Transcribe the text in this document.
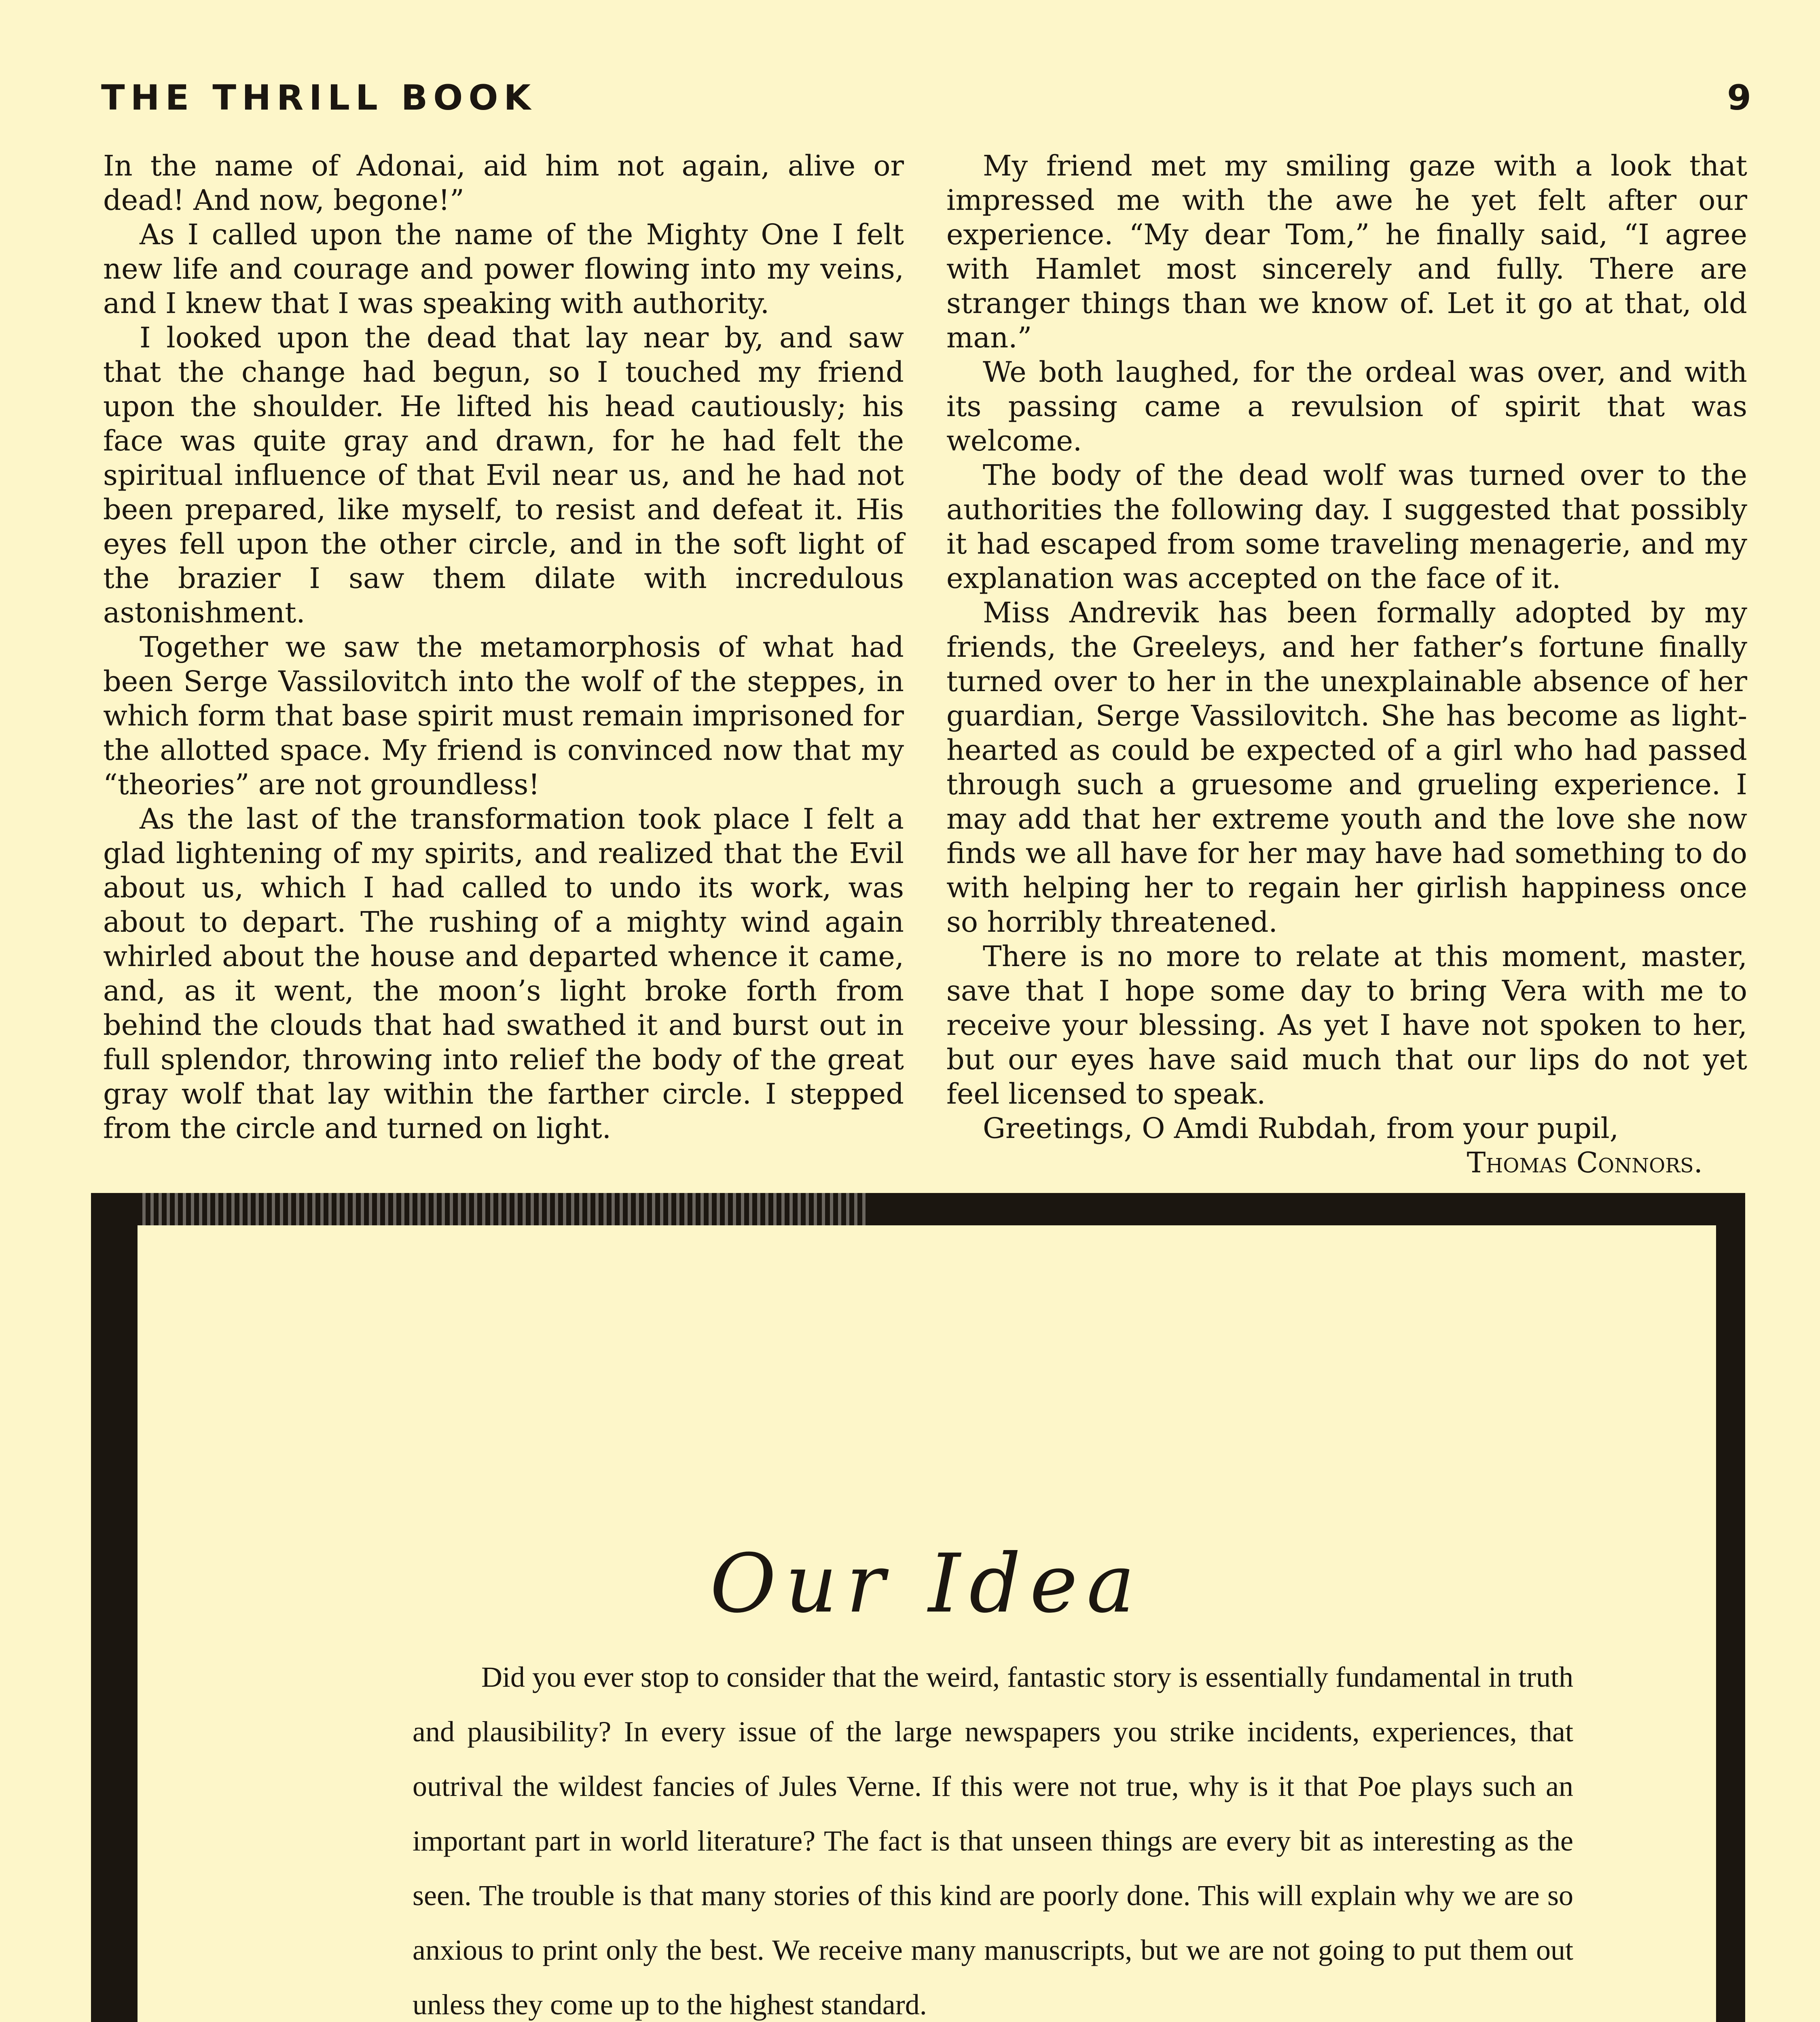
THE THRILL BOOK	9

In the name of Adonai, aid him not again, alive or dead! And now, begone!”

As I called upon the name of the Mighty One I felt new life and courage and power flowing into my veins, and I knew that I was speaking with authority.

I looked upon the dead that lay near by, and saw that the change had begun, so I touched my friend upon the shoulder. He lifted his head cautiously; his face was quite gray and drawn, for he had felt the spiritual influence of that Evil near us, and he had not been prepared, like myself, to resist and defeat it. His eyes fell upon the other circle, and in the soft light of the brazier I saw them dilate with incredulous astonishment.

Together we saw the metamorphosis of what had been Serge Vassilovitch into the wolf of the steppes, in which form that base spirit must remain imprisoned for the allotted space. My friend is convinced now that my “theories” are not groundless!

As the last of the transformation took place I felt a glad lightening of my spirits, and realized that the Evil about us, which I had called to undo its work, was about to depart. The rushing of a mighty wind again whirled about the house and departed whence it came, and, as it went, the moon’s light broke forth from behind the clouds that had swathed it and burst out in full splendor, throwing into relief the body of the great gray wolf that lay within the farther circle. I stepped from the circle and turned on light.

My friend met my smiling gaze with a look that impressed me with the awe he yet felt after our experience. “My dear Tom,” he finally said, “I agree with Hamlet most sincerely and fully. There are stranger things than we know of. Let it go at that, old man.”

We both laughed, for the ordeal was over, and with its passing came a revulsion of spirit that was welcome.

The body of the dead wolf was turned over to the authorities the following day. I suggested that possibly it had escaped from some traveling menagerie, and my explanation was accepted on the face of it.

Miss Andrevik has been formally adopted by my friends, the Greeleys, and her father’s fortune finally turned over to her in the unexplainable absence of her guardian, Serge Vassilovitch. She has become as light-hearted as could be expected of a girl who had passed through such a gruesome and grueling experience. I may add that her extreme youth and the love she now finds we all have for her may have had something to do with helping her to regain her girlish happiness once so horribly threatened.

There is no more to relate at this moment, master, save that I hope some day to bring Vera with me to receive your blessing. As yet I have not spoken to her, but our eyes have said much that our lips do not yet feel licensed to speak.

Greetings, O Amdi Rubdah, from your pupil,

Thomas Connors.
Our Idea

Did you ever stop to consider that the weird, fantastic story is essentially fundamental in truth and plausibility? In every issue of the large newspapers you strike incidents, experiences, that outrival the wildest fancies of Jules Verne. If this were not true, why is it that Poe plays such an important part in world literature? The fact is that unseen things are every bit as interesting as the seen. The trouble is that many stories of this kind are poorly done. This will explain why we are so anxious to print only the best. We receive many manuscripts, but we are not going to put them out unless they come up to the highest standard.
